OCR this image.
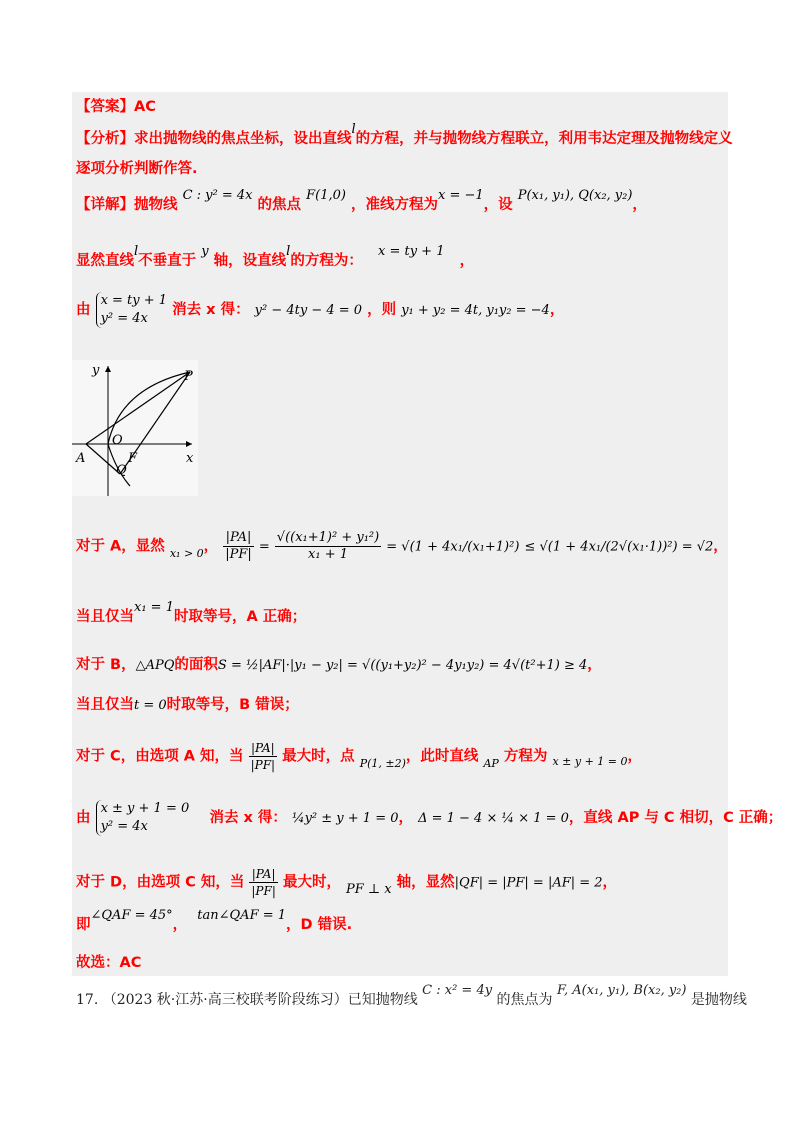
【答案】AC
【分析】求出抛物线的焦点坐标，设出直线l的方程，并与抛物线方程联立，利用韦达定理及抛物线定义
逐项分析判断作答.
【详解】抛物线 C : y² = 4x 的焦点 F(1,0) ，准线方程为x = −1，设 P(x₁, y₁), Q(x₂, y₂)，
显然直线l不垂直于 y 轴，设直线l的方程为：   x = ty + 1   ，
由
x = ty + 1
y² = 4x
消去 x 得： y² − 4ty − 4 = 0 ，则 y₁ + y₂ = 4t, y₁y₂ = −4，
y
x
P
O
A	F
Q
对于 A，显然 $_{x_1 > 0}$， $\frac{|PA|}{|PF|} = \frac{\text{√((x₁+1)² + y₁²)}}{\text{x₁ + 1}} = √(1 + 4x_1/(x_1+1)^2) \le √(1 + 4x_1/(2√(x_1\cdot 1))^2) = √2$，
当且仅当x₁ = 1时取等号，A 正确；
对于 B，△APQ的面积S = ½|AF|·|y₁ − y₂| = √((y₁+y₂)² − 4y₁y₂) = 4√(t²+1) ≥ 4，
当且仅当t = 0时取等号，B 错误；
对于 C，由选项 A 知，当 $\frac{|PA|}{|PF|}$ 最大时，点 $_{P(1, \pm 2)}$，此时直线 $_{AP}$ 方程为 $_{x \pm y + 1 = 0}$，
由
x ± y + 1 = 0
y² = 4x
消去 x 得： ¼y² ± y + 1 = 0， Δ = 1 − 4 × ¼ × 1 = 0，直线 AP 与 C 相切，C 正确；
对于 D，由选项 C 知，当 $\frac{|PA|}{|PF|}$ 最大时， PF ⊥ x 轴，显然|QF| = |PF| = |AF| = 2，
即∠QAF = 45°，  tan∠QAF = 1，D 错误.
故选：AC
17. （2023 秋·江苏·高三校联考阶段练习）已知抛物线 C : x² = 4y 的焦点为 F, A(x₁, y₁), B(x₂, y₂) 是抛物线
